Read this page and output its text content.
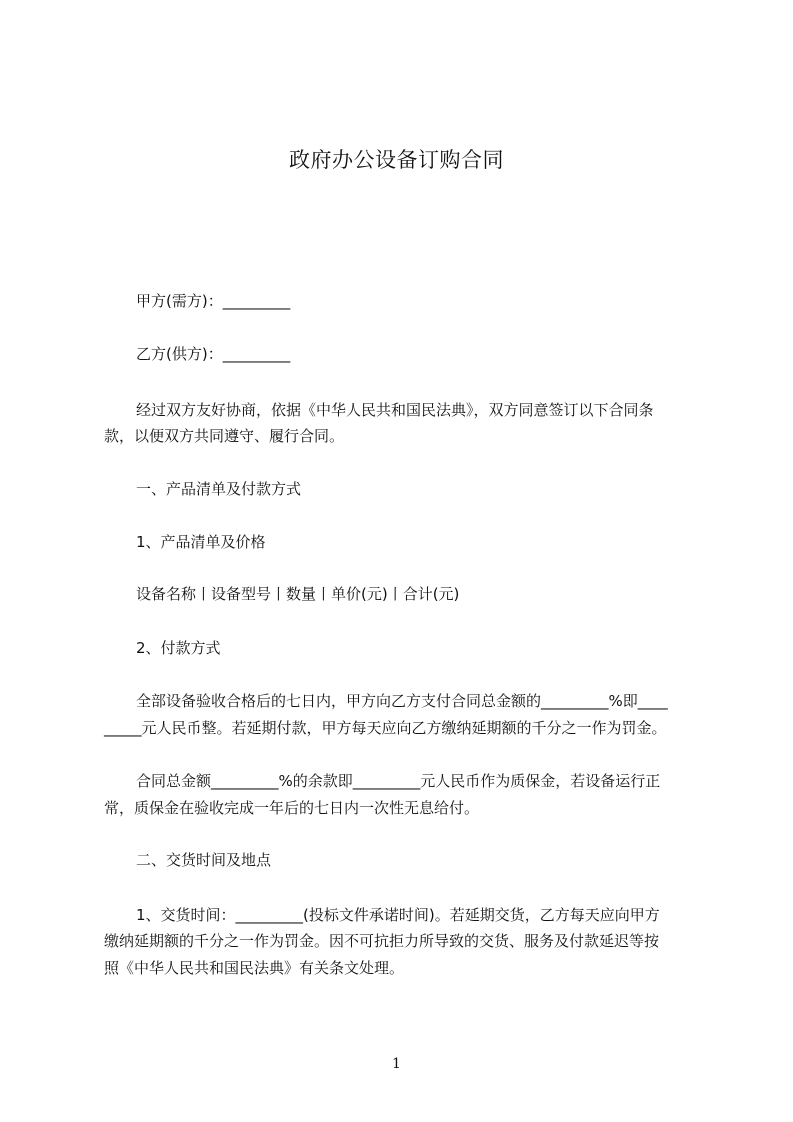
政府办公设备订购合同
甲方(需方)：_________
乙方(供方)：_________
经过双方友好协商，依据《中华人民共和国民法典》，双方同意签订以下合同条
款，以便双方共同遵守、履行合同。
一、产品清单及付款方式
1、产品清单及价格
设备名称丨设备型号丨数量丨单价(元)丨合计(元)
2、付款方式
全部设备验收合格后的七日内，甲方向乙方支付合同总金额的_________%即____
_____元人民币整。若延期付款，甲方每天应向乙方缴纳延期额的千分之一作为罚金。
合同总金额_________%的余款即_________元人民币作为质保金，若设备运行正
常，质保金在验收完成一年后的七日内一次性无息给付。
二、交货时间及地点
1、交货时间：_________(投标文件承诺时间)。若延期交货，乙方每天应向甲方
缴纳延期额的千分之一作为罚金。因不可抗拒力所导致的交货、服务及付款延迟等按
照《中华人民共和国民法典》有关条文处理。
1
